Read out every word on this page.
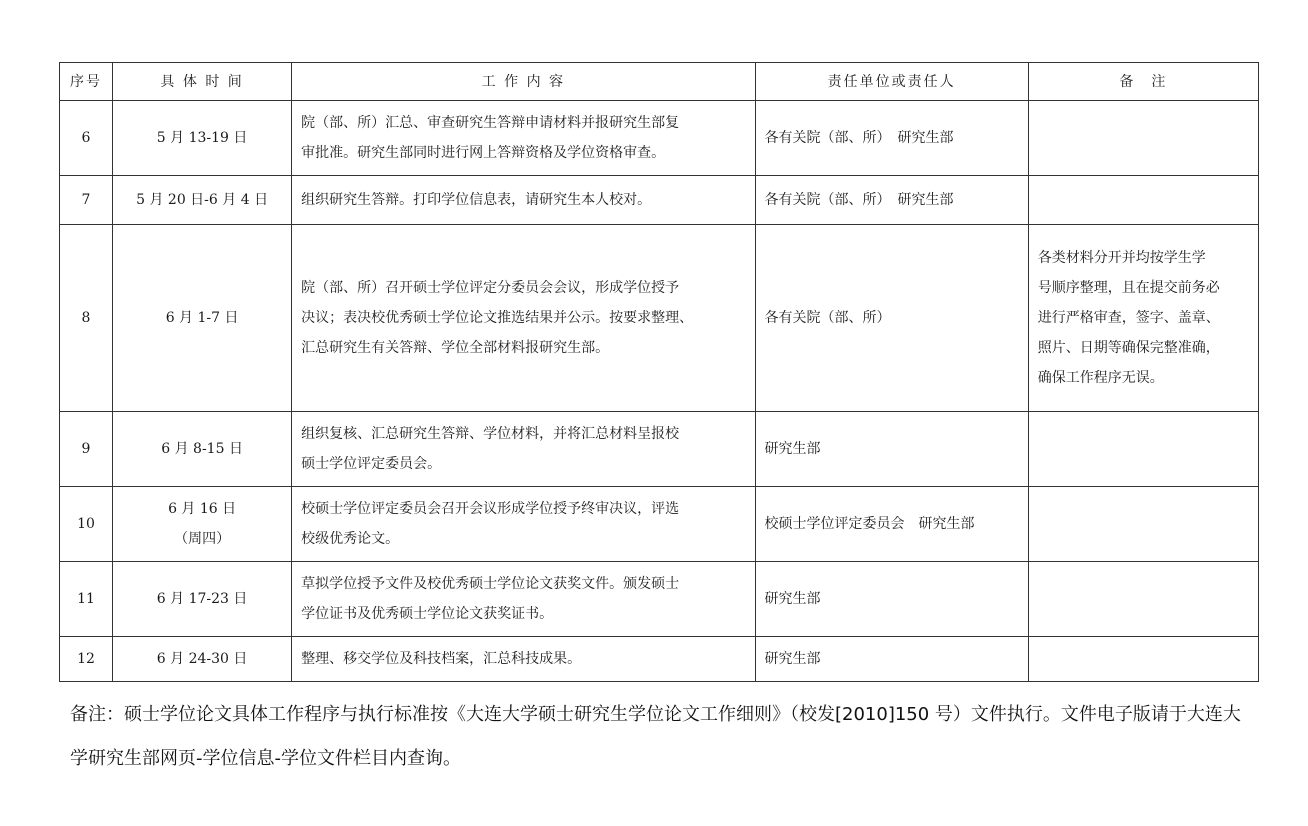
序号	具 体 时 间	工 作 内 容	责任单位或责任人	备　注
6	5 月 13-19 日	院（部、所）汇总、审查研究生答辩申请材料并报研究生部复
审批准。研究生部同时进行网上答辩资格及学位资格审查。	各有关院（部、所）　研究生部	
7	5 月 20 日-6 月 4 日	组织研究生答辩。打印学位信息表，请研究生本人校对。	各有关院（部、所）　研究生部	
8	6 月 1-7 日	院（部、所）召开硕士学位评定分委员会会议，形成学位授予
决议；表决校优秀硕士学位论文推选结果并公示。按要求整理、
汇总研究生有关答辩、学位全部材料报研究生部。	各有关院（部、所）	各类材料分开并均按学生学
号顺序整理，且在提交前务必
进行严格审查，签字、盖章、
照片、日期等确保完整准确，
确保工作程序无误。

9	6 月 8-15 日	组织复核、汇总研究生答辩、学位材料，并将汇总材料呈报校
硕士学位评定委员会。	研究生部	
10	6 月 16 日
（周四）	校硕士学位评定委员会召开会议形成学位授予终审决议，评选
校级优秀论文。	校硕士学位评定委员会　研究生部	
11	6 月 17-23 日	草拟学位授予文件及校优秀硕士学位论文获奖文件。颁发硕士
学位证书及优秀硕士学位论文获奖证书。	研究生部	
12	6 月 24-30 日	整理、移交学位及科技档案，汇总科技成果。	研究生部	
备注：硕士学位论文具体工作程序与执行标准按《大连大学硕士研究生学位论文工作细则》（校发[2010]150 号）文件执行。文件电子版请于大连大学研究生部网页-学位信息-学位文件栏目内查询。
